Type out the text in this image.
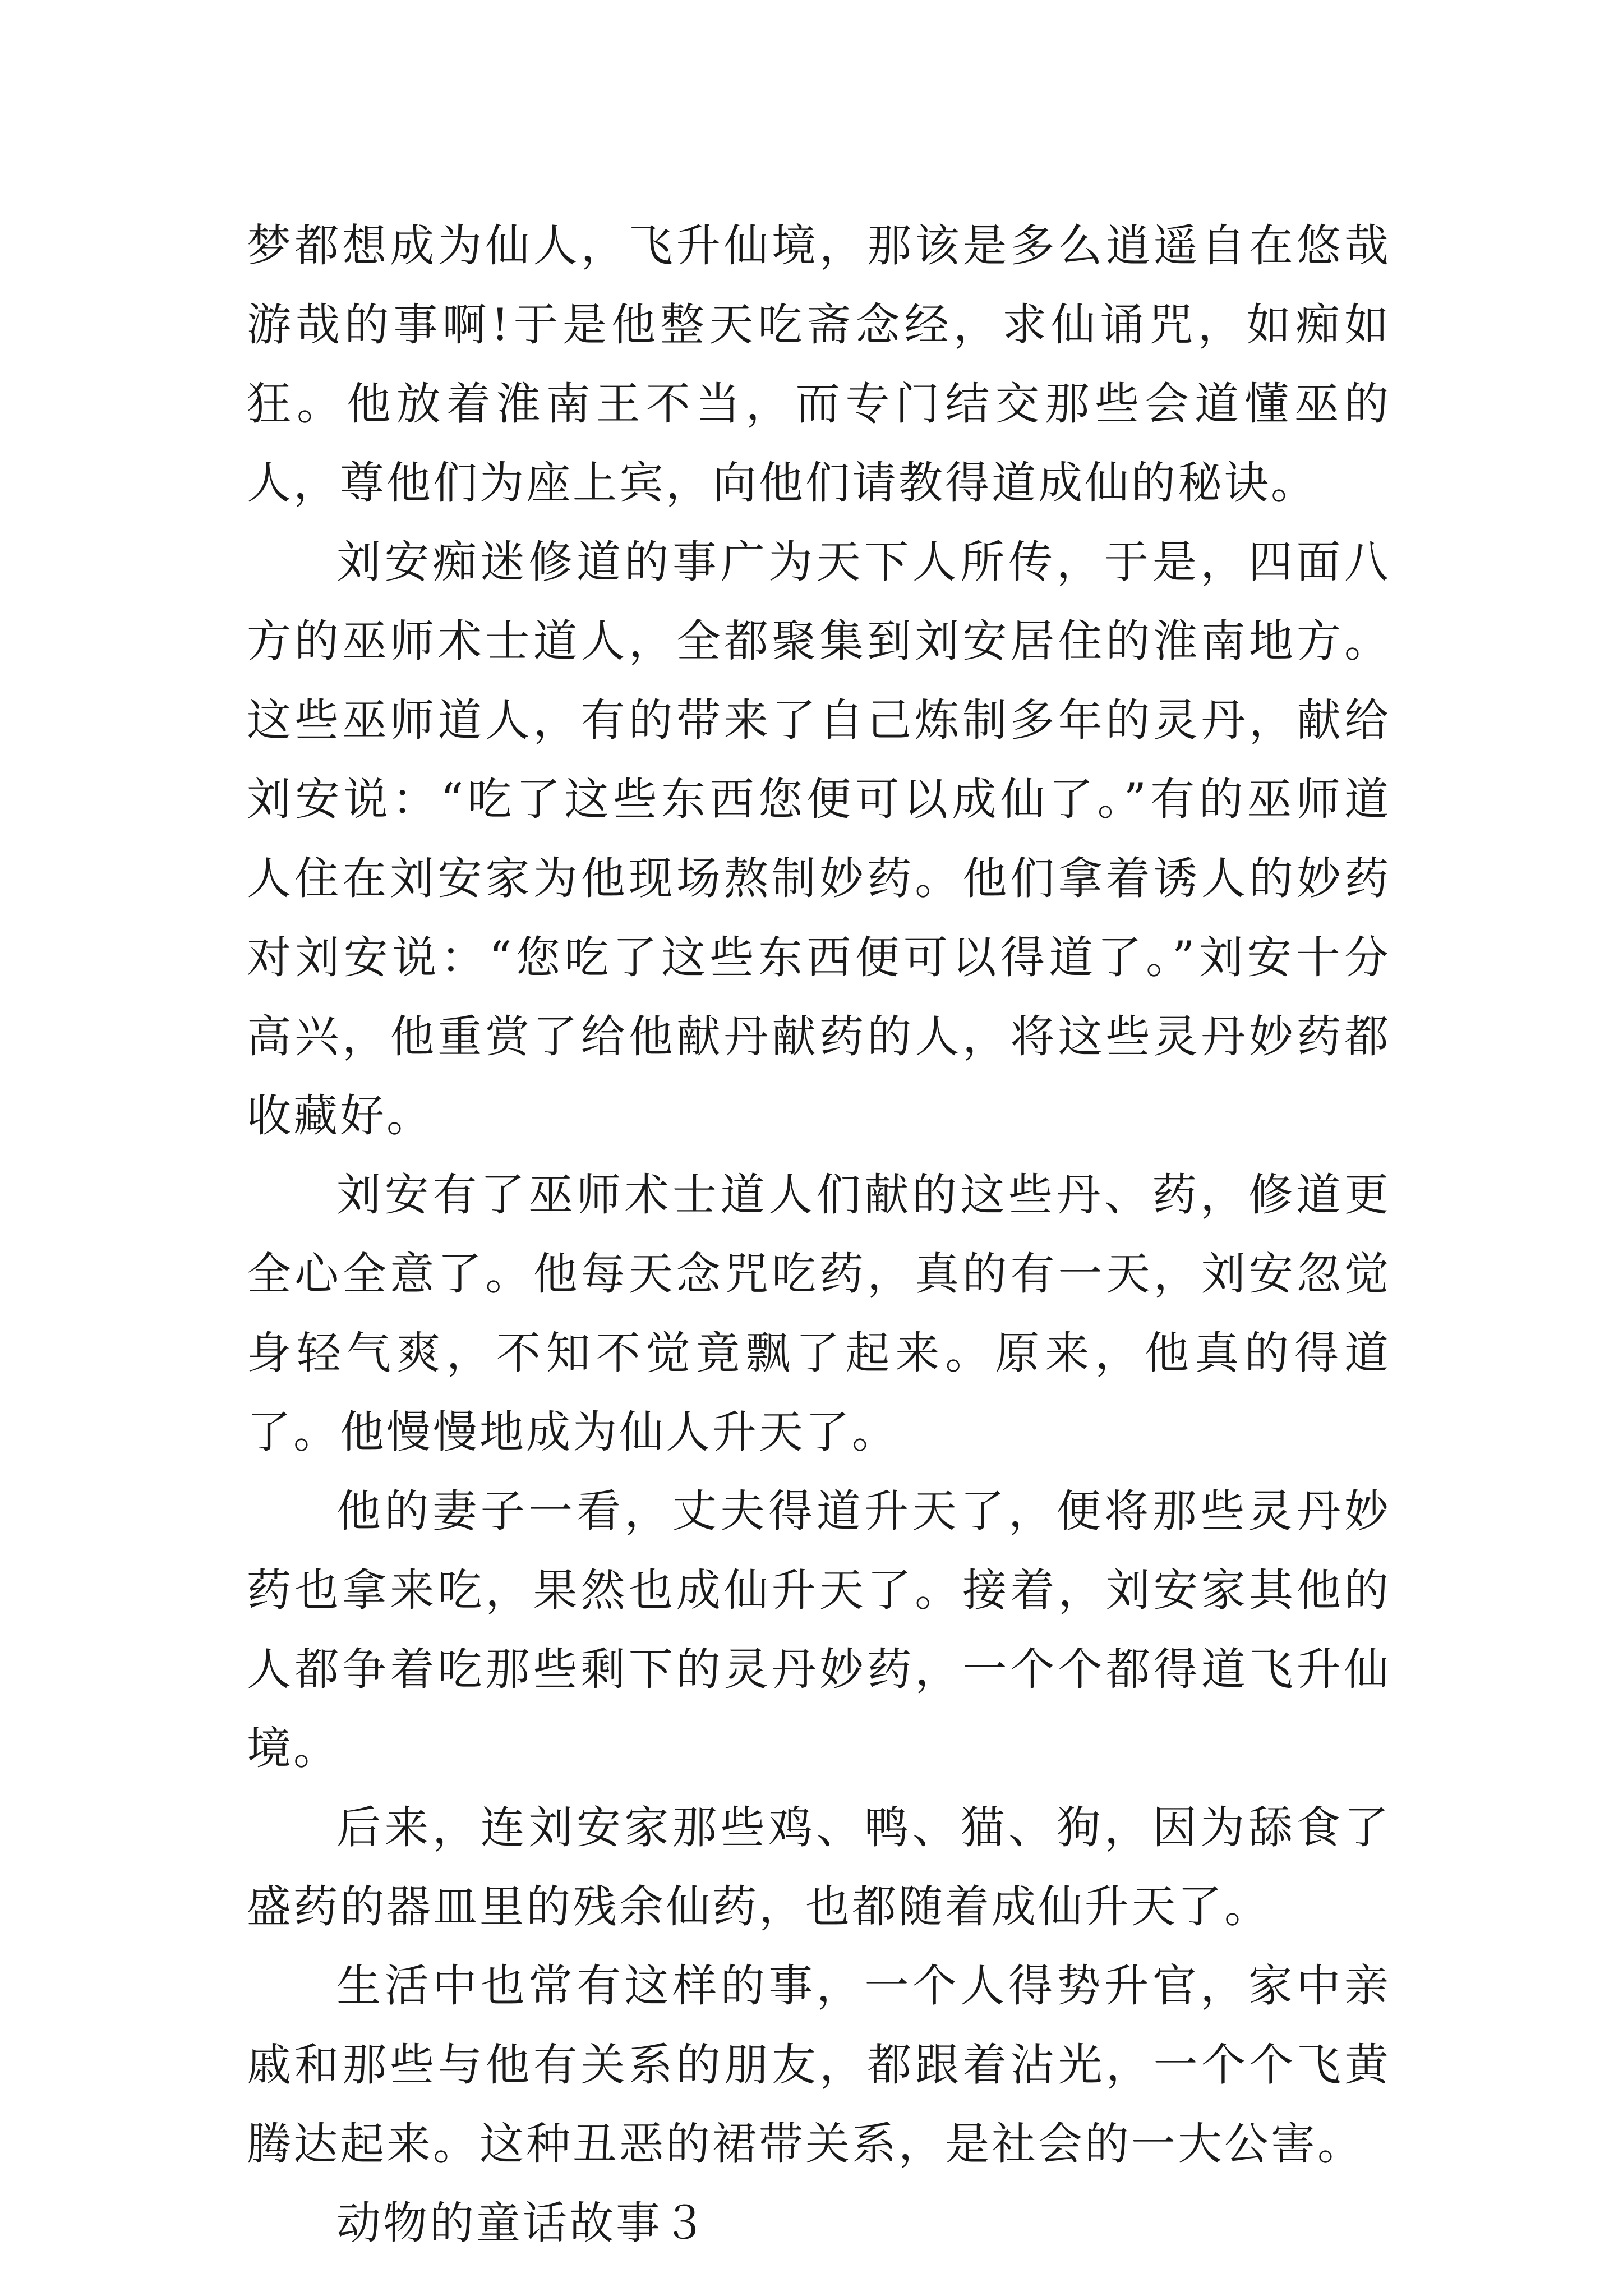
梦都想成为仙人，飞升仙境，那该是多么逍遥自在悠哉游哉的事啊!于是他整天吃斋念经，求仙诵咒，如痴如狂。他放着淮南王不当，而专门结交那些会道懂巫的人，尊他们为座上宾，向他们请教得道成仙的秘诀。

刘安痴迷修道的事广为天下人所传，于是，四面八方的巫师术士道人，全都聚集到刘安居住的淮南地方。这些巫师道人，有的带来了自己炼制多年的灵丹，献给刘安说：“吃了这些东西您便可以成仙了。”有的巫师道人住在刘安家为他现场熬制妙药。他们拿着诱人的妙药对刘安说：“您吃了这些东西便可以得道了。”刘安十分高兴，他重赏了给他献丹献药的人，将这些灵丹妙药都收藏好。

刘安有了巫师术士道人们献的这些丹、药，修道更全心全意了。他每天念咒吃药，真的有一天，刘安忽觉身轻气爽，不知不觉竟飘了起来。原来，他真的得道了。他慢慢地成为仙人升天了。

他的妻子一看，丈夫得道升天了，便将那些灵丹妙药也拿来吃，果然也成仙升天了。接着，刘安家其他的人都争着吃那些剩下的灵丹妙药，一个个都得道飞升仙境。

后来，连刘安家那些鸡、鸭、猫、狗，因为舔食了盛药的器皿里的残余仙药，也都随着成仙升天了。

生活中也常有这样的事，一个人得势升官，家中亲戚和那些与他有关系的朋友，都跟着沾光，一个个飞黄腾达起来。这种丑恶的裙带关系，是社会的一大公害。

动物的童话故事３
